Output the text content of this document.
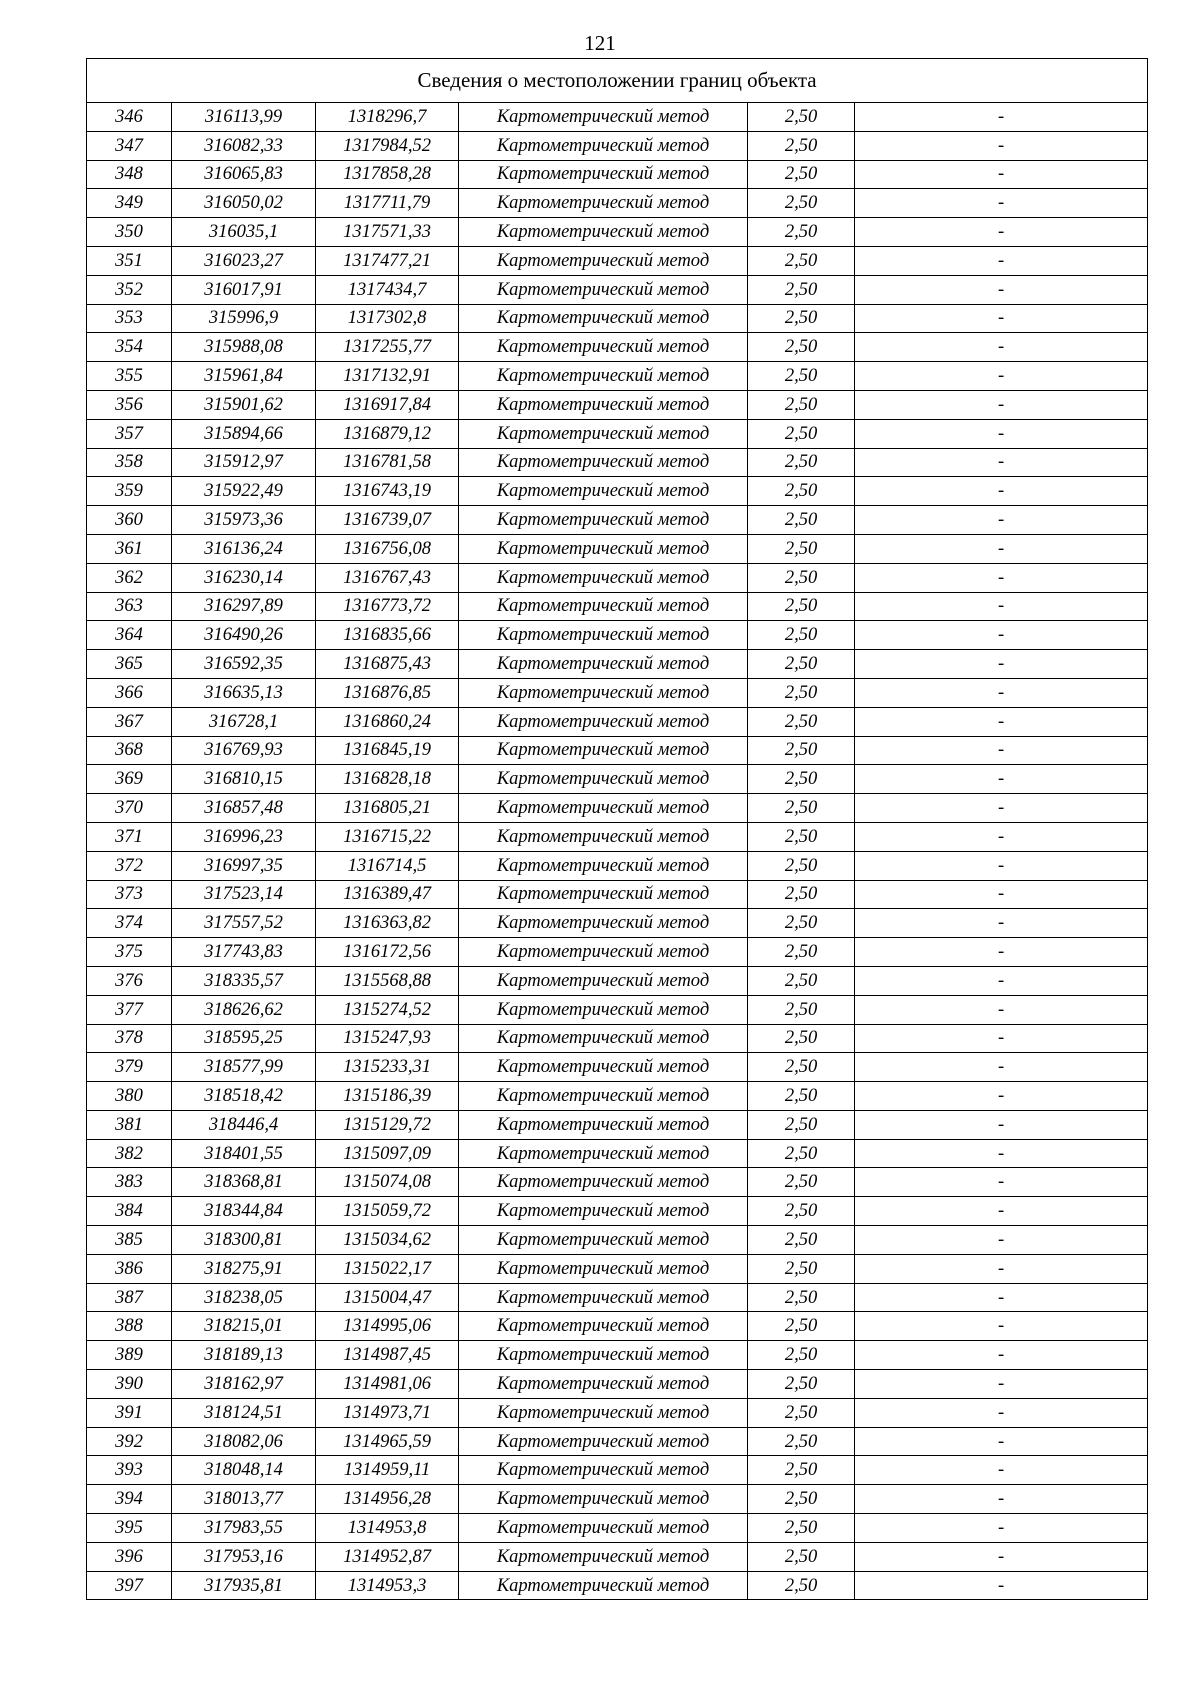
121
Сведения о местоположении границ объекта					
346	316113,99	1318296,7	Картометрический метод	2,50	-
347	316082,33	1317984,52	Картометрический метод	2,50	-
348	316065,83	1317858,28	Картометрический метод	2,50	-
349	316050,02	1317711,79	Картометрический метод	2,50	-
350	316035,1	1317571,33	Картометрический метод	2,50	-
351	316023,27	1317477,21	Картометрический метод	2,50	-
352	316017,91	1317434,7	Картометрический метод	2,50	-
353	315996,9	1317302,8	Картометрический метод	2,50	-
354	315988,08	1317255,77	Картометрический метод	2,50	-
355	315961,84	1317132,91	Картометрический метод	2,50	-
356	315901,62	1316917,84	Картометрический метод	2,50	-
357	315894,66	1316879,12	Картометрический метод	2,50	-
358	315912,97	1316781,58	Картометрический метод	2,50	-
359	315922,49	1316743,19	Картометрический метод	2,50	-
360	315973,36	1316739,07	Картометрический метод	2,50	-
361	316136,24	1316756,08	Картометрический метод	2,50	-
362	316230,14	1316767,43	Картометрический метод	2,50	-
363	316297,89	1316773,72	Картометрический метод	2,50	-
364	316490,26	1316835,66	Картометрический метод	2,50	-
365	316592,35	1316875,43	Картометрический метод	2,50	-
366	316635,13	1316876,85	Картометрический метод	2,50	-
367	316728,1	1316860,24	Картометрический метод	2,50	-
368	316769,93	1316845,19	Картометрический метод	2,50	-
369	316810,15	1316828,18	Картометрический метод	2,50	-
370	316857,48	1316805,21	Картометрический метод	2,50	-
371	316996,23	1316715,22	Картометрический метод	2,50	-
372	316997,35	1316714,5	Картометрический метод	2,50	-
373	317523,14	1316389,47	Картометрический метод	2,50	-
374	317557,52	1316363,82	Картометрический метод	2,50	-
375	317743,83	1316172,56	Картометрический метод	2,50	-
376	318335,57	1315568,88	Картометрический метод	2,50	-
377	318626,62	1315274,52	Картометрический метод	2,50	-
378	318595,25	1315247,93	Картометрический метод	2,50	-
379	318577,99	1315233,31	Картометрический метод	2,50	-
380	318518,42	1315186,39	Картометрический метод	2,50	-
381	318446,4	1315129,72	Картометрический метод	2,50	-
382	318401,55	1315097,09	Картометрический метод	2,50	-
383	318368,81	1315074,08	Картометрический метод	2,50	-
384	318344,84	1315059,72	Картометрический метод	2,50	-
385	318300,81	1315034,62	Картометрический метод	2,50	-
386	318275,91	1315022,17	Картометрический метод	2,50	-
387	318238,05	1315004,47	Картометрический метод	2,50	-
388	318215,01	1314995,06	Картометрический метод	2,50	-
389	318189,13	1314987,45	Картометрический метод	2,50	-
390	318162,97	1314981,06	Картометрический метод	2,50	-
391	318124,51	1314973,71	Картометрический метод	2,50	-
392	318082,06	1314965,59	Картометрический метод	2,50	-
393	318048,14	1314959,11	Картометрический метод	2,50	-
394	318013,77	1314956,28	Картометрический метод	2,50	-
395	317983,55	1314953,8	Картометрический метод	2,50	-
396	317953,16	1314952,87	Картометрический метод	2,50	-
397	317935,81	1314953,3	Картометрический метод	2,50	-
